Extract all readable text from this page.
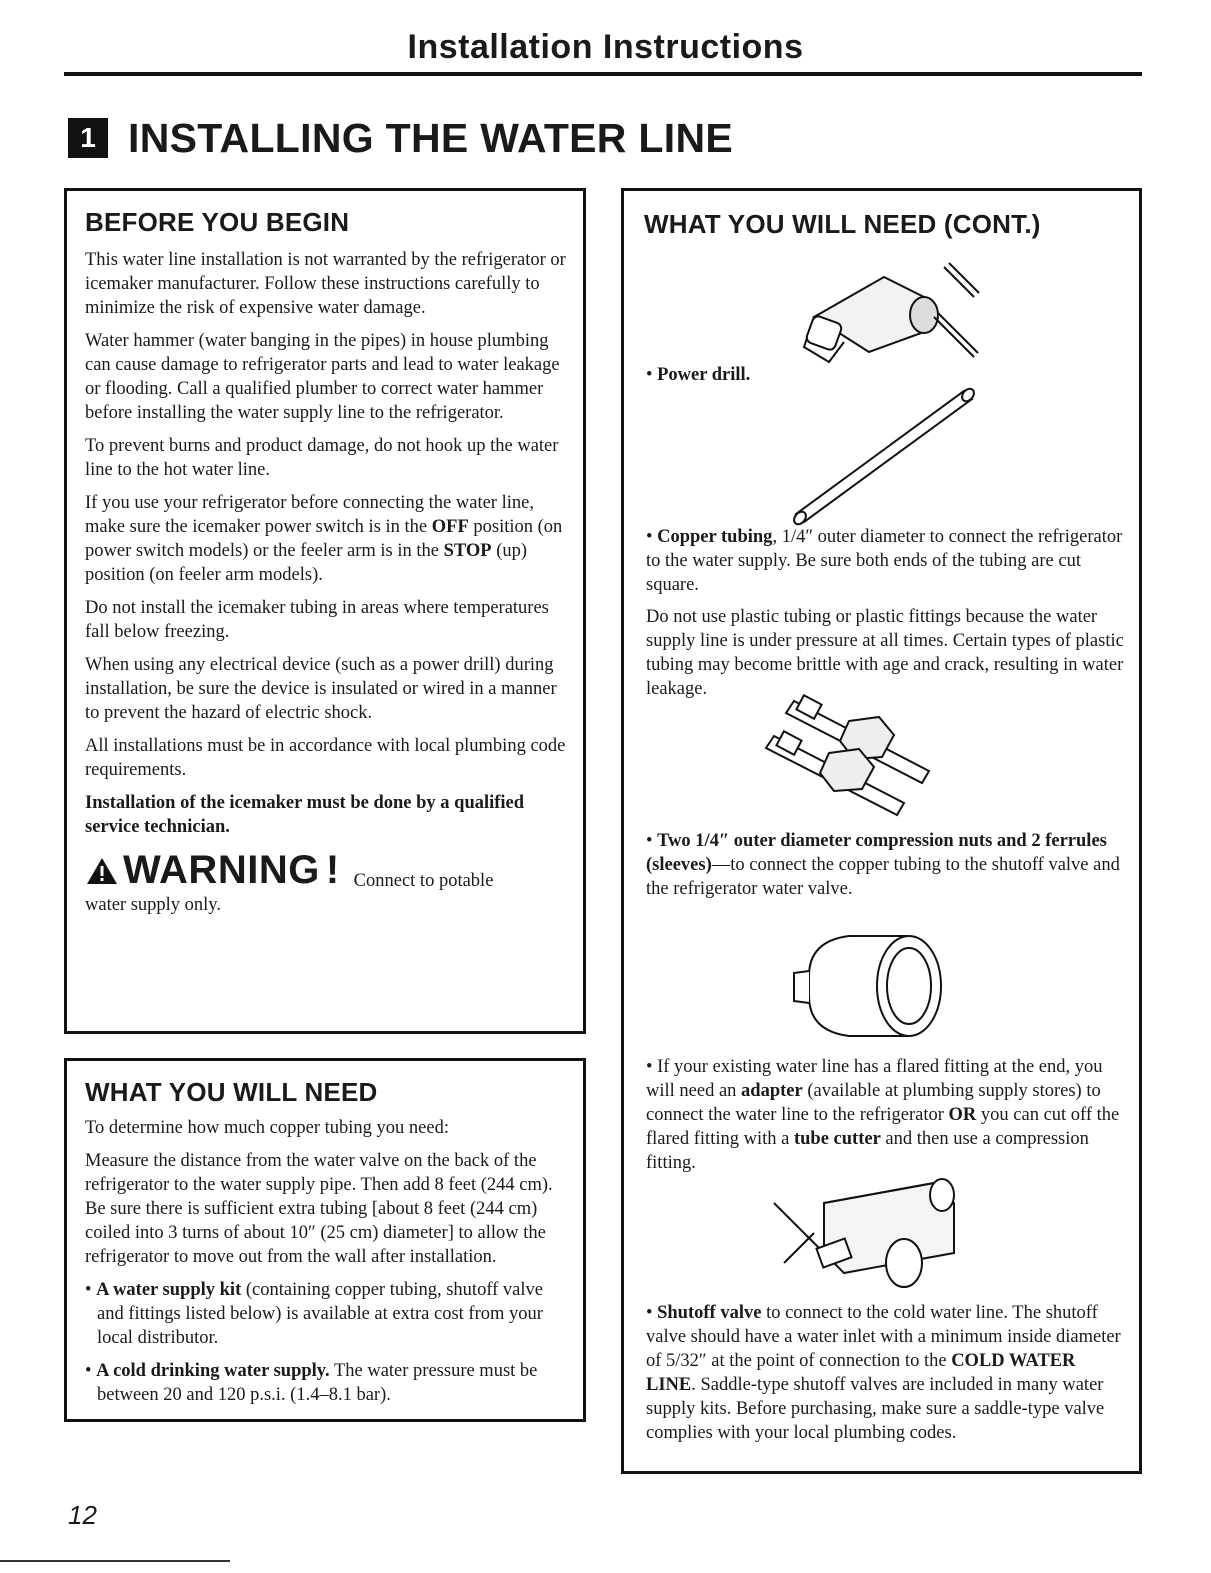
Installation Instructions
1 INSTALLING THE WATER LINE
BEFORE YOU BEGIN

This water line installation is not warranted by the refrigerator or icemaker manufacturer. Follow these instructions carefully to minimize the risk of expensive water damage.

Water hammer (water banging in the pipes) in house plumbing can cause damage to refrigerator parts and lead to water leakage or flooding. Call a qualified plumber to correct water hammer before installing the water supply line to the refrigerator.

To prevent burns and product damage, do not hook up the water line to the hot water line.

If you use your refrigerator before connecting the water line, make sure the icemaker power switch is in the OFF position (on power switch models) or the feeler arm is in the STOP (up) position (on feeler arm models).

Do not install the icemaker tubing in areas where temperatures fall below freezing.

When using any electrical device (such as a power drill) during installation, be sure the device is insulated or wired in a manner to prevent the hazard of electric shock.

All installations must be in accordance with local plumbing code requirements.

Installation of the icemaker must be done by a qualified service technician.

WARNING ! Connect to potable

water supply only.

WHAT YOU WILL NEED

To determine how much copper tubing you need:

Measure the distance from the water valve on the back of the refrigerator to the water supply pipe. Then add 8 feet (244 cm). Be sure there is sufficient extra tubing [about 8 feet (244 cm) coiled into 3 turns of about 10″ (25 cm) diameter] to allow the refrigerator to move out from the wall after installation.

• A water supply kit (containing copper tubing, shutoff valve and fittings listed below) is available at extra cost from your local distributor.

• A cold drinking water supply. The water pressure must be between 20 and 120 p.s.i. (1.4–8.1 bar).

WHAT YOU WILL NEED (CONT.)

• Power drill.

• Copper tubing, 1/4″ outer diameter to connect the refrigerator to the water supply. Be sure both ends of the tubing are cut square.

Do not use plastic tubing or plastic fittings because the water supply line is under pressure at all times. Certain types of plastic tubing may become brittle with age and crack, resulting in water leakage.

• Two 1/4″ outer diameter compression nuts and 2 ferrules (sleeves)—to connect the copper tubing to the shutoff valve and the refrigerator water valve.

• If your existing water line has a flared fitting at the end, you will need an adapter (available at plumbing supply stores) to connect the water line to the refrigerator OR you can cut off the flared fitting with a tube cutter and then use a compression fitting.

• Shutoff valve to connect to the cold water line. The shutoff valve should have a water inlet with a minimum inside diameter of 5/32″ at the point of connection to the COLD WATER LINE. Saddle-type shutoff valves are included in many water supply kits. Before purchasing, make sure a saddle-type valve complies with your local plumbing codes.

12
